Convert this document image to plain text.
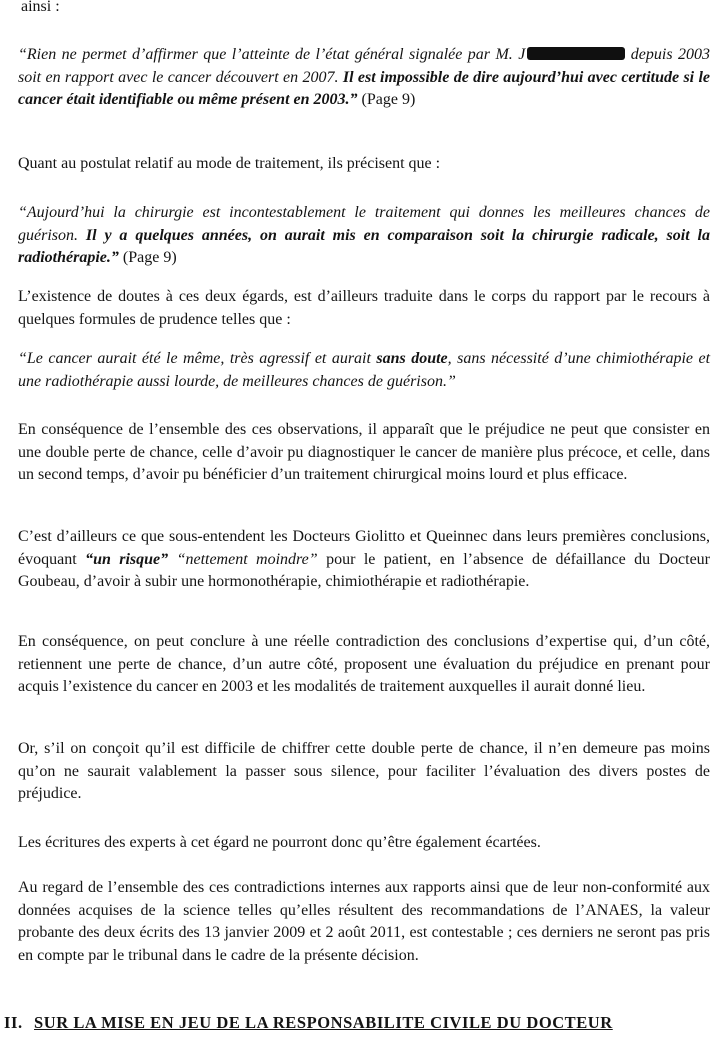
ainsi :

“Rien ne permet d’affirmer que l’atteinte de l’état général signalée par M. J	depuis 2003 soit en rapport avec le cancer découvert en 2007. Il est impossible de dire aujourd’hui avec certitude si le cancer était identifiable ou même présent en 2003.” (Page 9)

Quant au postulat relatif au mode de traitement, ils précisent que :

“Aujourd’hui la chirurgie est incontestablement le traitement qui donnes les meilleures chances de guérison. Il y a quelques années, on aurait mis en comparaison soit la chirurgie radicale, soit la radiothérapie.” (Page 9)

L’existence de doutes à ces deux égards, est d’ailleurs traduite dans le corps du rapport par le recours à quelques formules de prudence telles que :

“Le cancer aurait été le même, très agressif et aurait sans doute, sans nécessité d’une chimiothérapie et une radiothérapie aussi lourde, de meilleures chances de guérison.”

En conséquence de l’ensemble des ces observations, il apparaît que le préjudice ne peut que consister en une double perte de chance, celle d’avoir pu diagnostiquer le cancer de manière plus précoce, et celle, dans un second temps, d’avoir pu bénéficier d’un traitement chirurgical moins lourd et plus efficace.

C’est d’ailleurs ce que sous-entendent les Docteurs Giolitto et Queinnec dans leurs premières conclusions, évoquant “un risque” “nettement moindre” pour le patient, en l’absence de défaillance du Docteur Goubeau, d’avoir à subir une hormonothérapie, chimiothérapie et radiothérapie.

En conséquence, on peut conclure à une réelle contradiction des conclusions d’expertise qui, d’un côté, retiennent une perte de chance, d’un autre côté, proposent une évaluation du préjudice en prenant pour acquis l’existence du cancer en 2003 et les modalités de traitement auxquelles il aurait donné lieu.

Or, s’il on conçoit qu’il est difficile de chiffrer cette double perte de chance, il n’en demeure pas moins qu’on ne saurait valablement la passer sous silence, pour faciliter l’évaluation des divers postes de préjudice.

Les écritures des experts à cet égard ne pourront donc qu’être également écartées.

Au regard de l’ensemble des ces contradictions internes aux rapports ainsi que de leur non-conformité aux données acquises de la science telles qu’elles résultent des recommandations de l’ANAES, la valeur probante des deux écrits des 13 janvier 2009 et 2 août 2011, est contestable ; ces derniers ne seront pas pris en compte par le tribunal dans le cadre de la présente décision.

II. SUR LA MISE EN JEU DE LA RESPONSABILITE CIVILE DU DOCTEUR
